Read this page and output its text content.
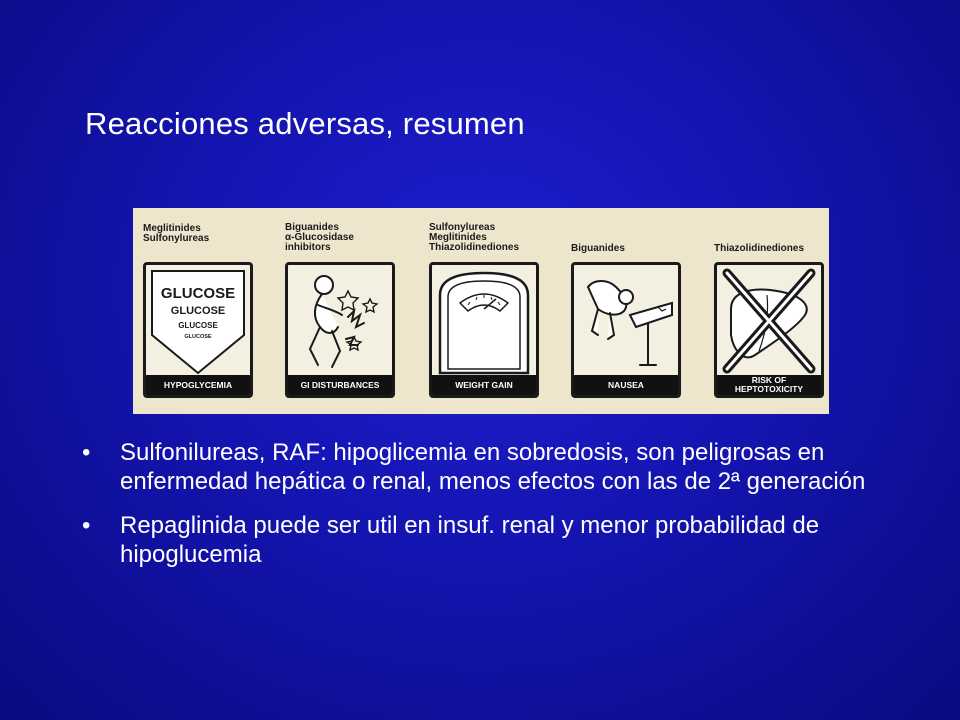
Reacciones adversas, resumen
Meglitinides
Sulfonylureas
GLUCOSE
GLUCOSE
GLUCOSE
GLUCOSE
HYPOGLYCEMIA
Biguanides
α-Glucosidase
inhibitors
GI DISTURBANCES
Sulfonylureas
Meglitinides
Thiazolidinediones
WEIGHT GAIN
Biguanides
NAUSEA
Thiazolidinediones
RISK OF
HEPTOTOXICITY
• Sulfonilureas, RAF: hipoglicemia en sobredosis, son peligrosas en enfermedad hepática o renal, menos efectos con las de 2ª generación
• Repaglinida puede ser util en insuf. renal y menor probabilidad de hipoglucemia
